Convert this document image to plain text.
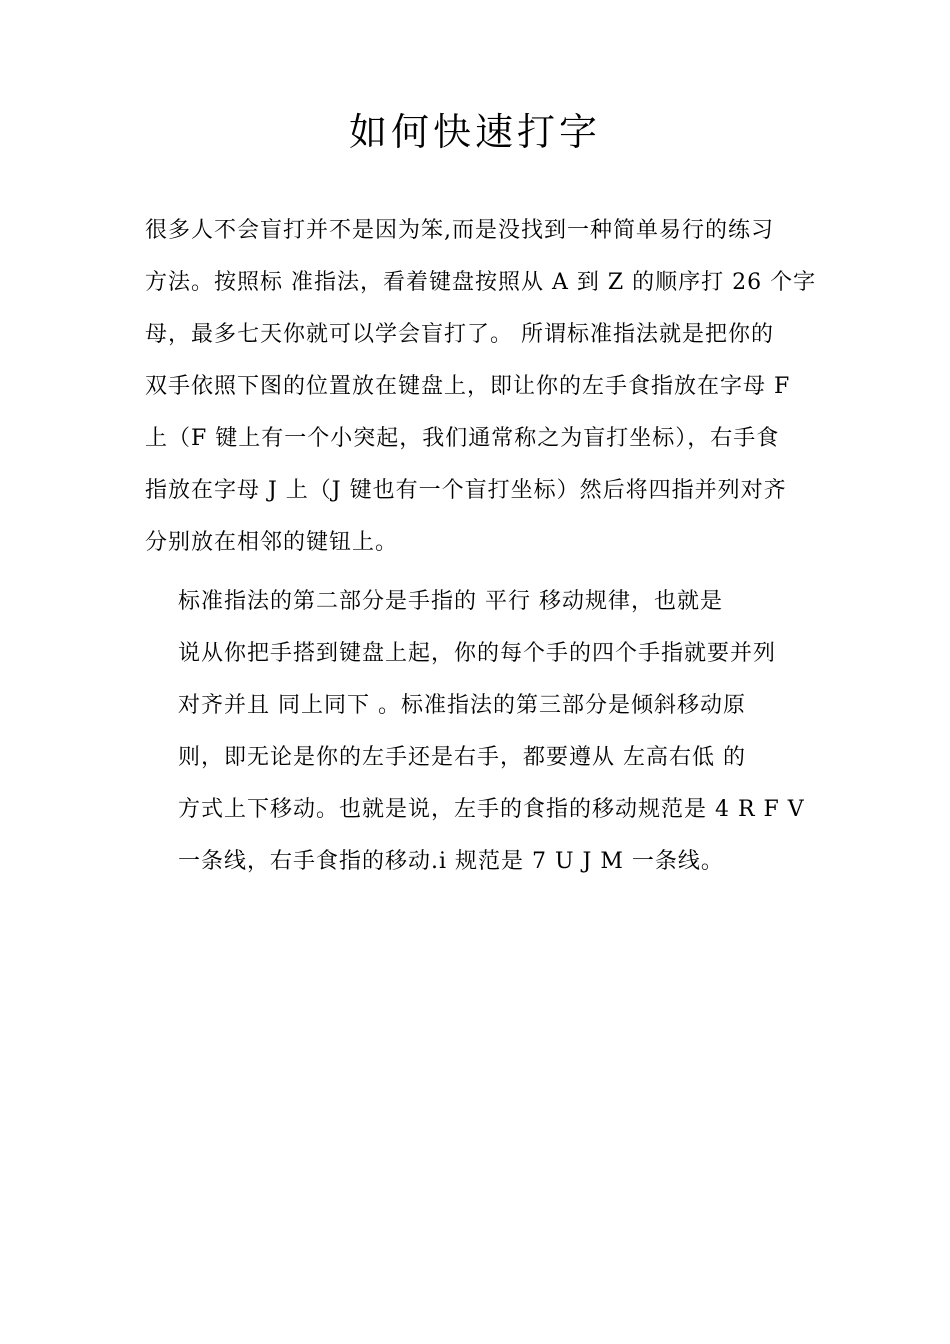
如何快速打字

很多人不会盲打并不是因为笨,而是没找到一种简单易行的练习
方法。按照标 准指法，看着键盘按照从 A 到 Z 的顺序打 26 个字
母，最多七天你就可以学会盲打了。 所谓标准指法就是把你的
双手依照下图的位置放在键盘上，即让你的左手食指放在字母 F
上（F 键上有一个小突起，我们通常称之为盲打坐标），右手食
指放在字母 J 上（J 键也有一个盲打坐标）然后将四指并列对齐
分别放在相邻的键钮上。

标准指法的第二部分是手指的 平行 移动规律，也就是
说从你把手搭到键盘上起，你的每个手的四个手指就要并列
对齐并且 同上同下 。标准指法的第三部分是倾斜移动原
则，即无论是你的左手还是右手，都要遵从 左高右低 的
方式上下移动。也就是说，左手的食指的移动规范是 4 R F V
一条线，右手食指的移动.i 规范是 7 U J M 一条线。
